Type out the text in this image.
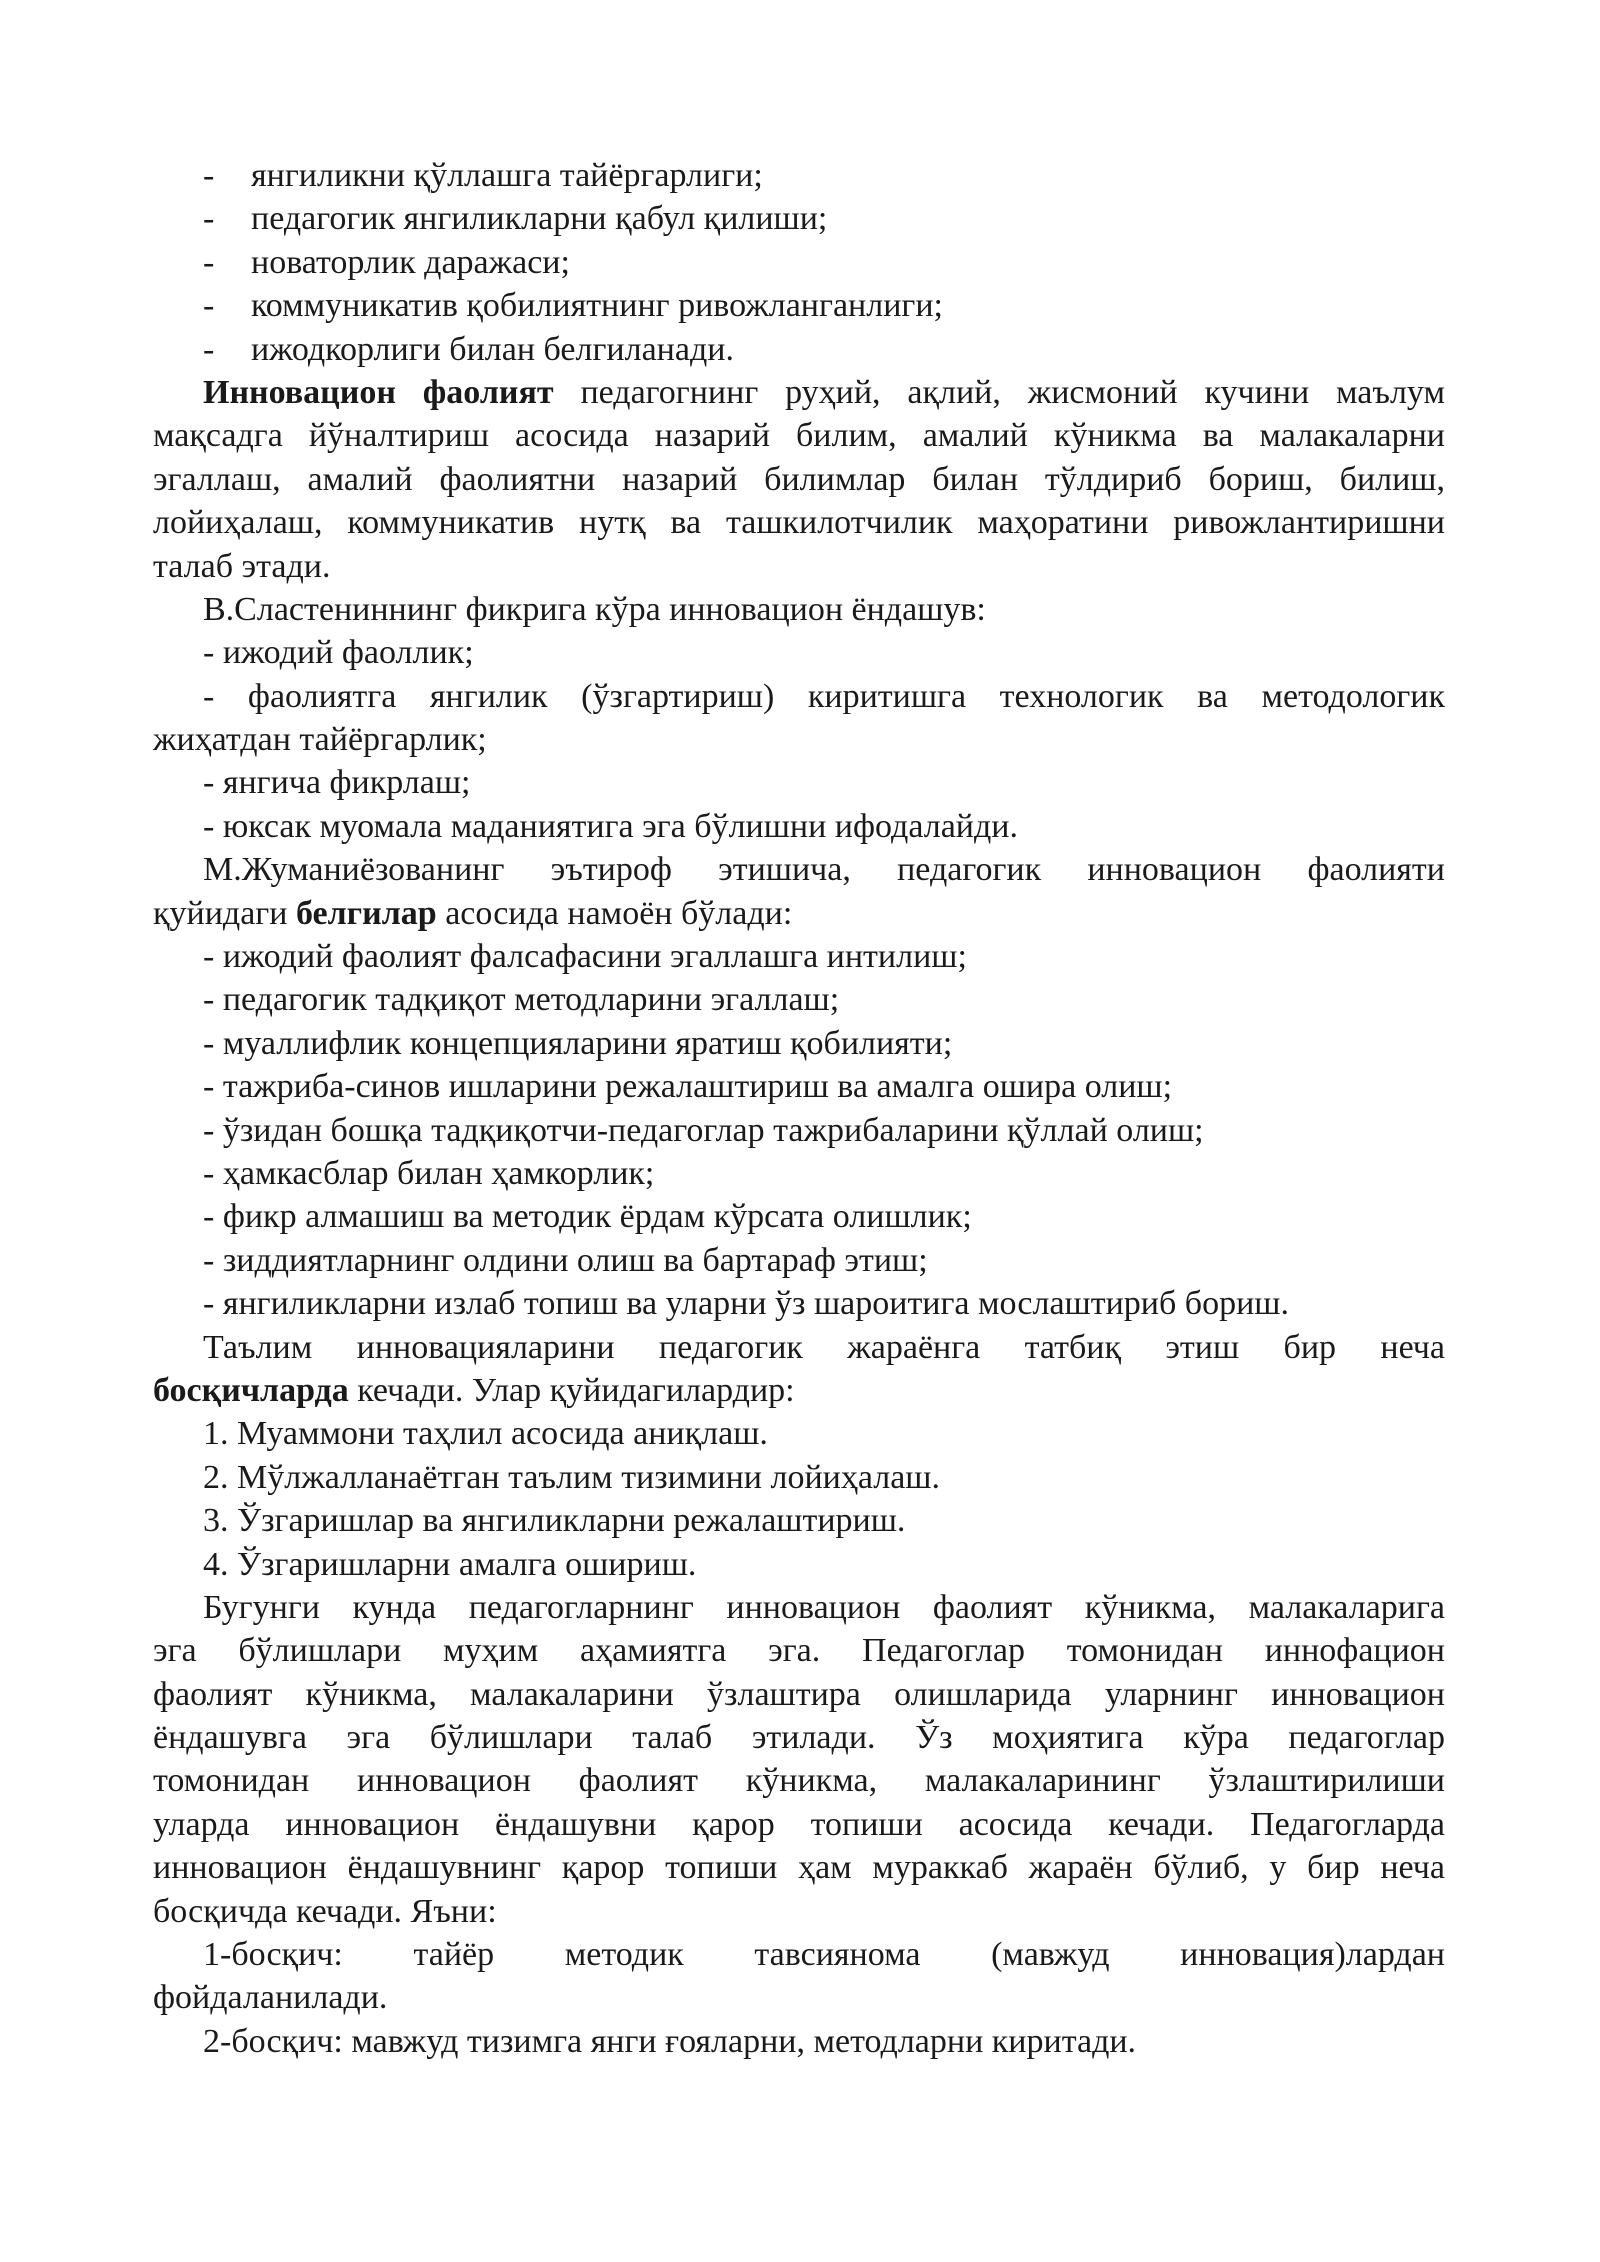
-	янгиликни қўллашга тайёргарлиги;
-	педагогик янгиликларни қабул қилиши;
-	новаторлик даражаси;
-	коммуникатив қобилиятнинг ривожланганлиги;
-	ижодкорлиги билан белгиланади.
Инновацион фаолият педагогнинг руҳий, ақлий, жисмоний кучини маълум
мақсадга йўналтириш асосида назарий билим, амалий кўникма ва малакаларни
эгаллаш, амалий фаолиятни назарий билимлар билан тўлдириб бориш, билиш,
лойиҳалаш, коммуникатив нутқ ва ташкилотчилик маҳоратини ривожлантиришни
талаб этади.
В.Сластениннинг фикрига кўра инновацион ёндашув:
- ижодий фаоллик;
- фаолиятга янгилик (ўзгартириш) киритишга технологик ва методологик
жиҳатдан тайёргарлик;
- янгича фикрлаш;
- юксак муомала маданиятига эга бўлишни ифодалайди.
М.Жуманиёзованинг эътироф этишича, педагогик инновацион фаолияти
қуйидаги белгилар асосида намоён бўлади:
- ижодий фаолият фалсафасини эгаллашга интилиш;
- педагогик тадқиқот методларини эгаллаш;
- муаллифлик концепцияларини яратиш қобилияти;
- тажриба-синов ишларини режалаштириш ва амалга ошира олиш;
- ўзидан бошқа тадқиқотчи-педагоглар тажрибаларини қўллай олиш;
- ҳамкасблар билан ҳамкорлик;
- фикр алмашиш ва методик ёрдам кўрсата олишлик;
- зиддиятларнинг олдини олиш ва бартараф этиш;
- янгиликларни излаб топиш ва уларни ўз шароитига мослаштириб бориш.
Таълим инновацияларини педагогик жараёнга татбиқ этиш бир неча
босқичларда кечади. Улар қуйидагилардир:
1. Муаммони таҳлил асосида аниқлаш.
2. Мўлжалланаётган таълим тизимини лойиҳалаш.
3. Ўзгаришлар ва янгиликларни режалаштириш.
4. Ўзгаришларни амалга ошириш.
Бугунги кунда педагогларнинг инновацион фаолият кўникма, малакаларига
эга бўлишлари муҳим аҳамиятга эга. Педагоглар томонидан иннофацион
фаолият кўникма, малакаларини ўзлаштира олишларида уларнинг инновацион
ёндашувга эга бўлишлари талаб этилади. Ўз моҳиятига кўра педагоглар
томонидан инновацион фаолият кўникма, малакаларининг ўзлаштирилиши
уларда инновацион ёндашувни қарор топиши асосида кечади. Педагогларда
инновацион ёндашувнинг қарор топиши ҳам мураккаб жараён бўлиб, у бир неча
босқичда кечади. Яъни:
1-босқич: тайёр методик тавсиянома (мавжуд инновация)лардан
фойдаланилади.
2-босқич: мавжуд тизимга янги ғояларни, методларни киритади.
